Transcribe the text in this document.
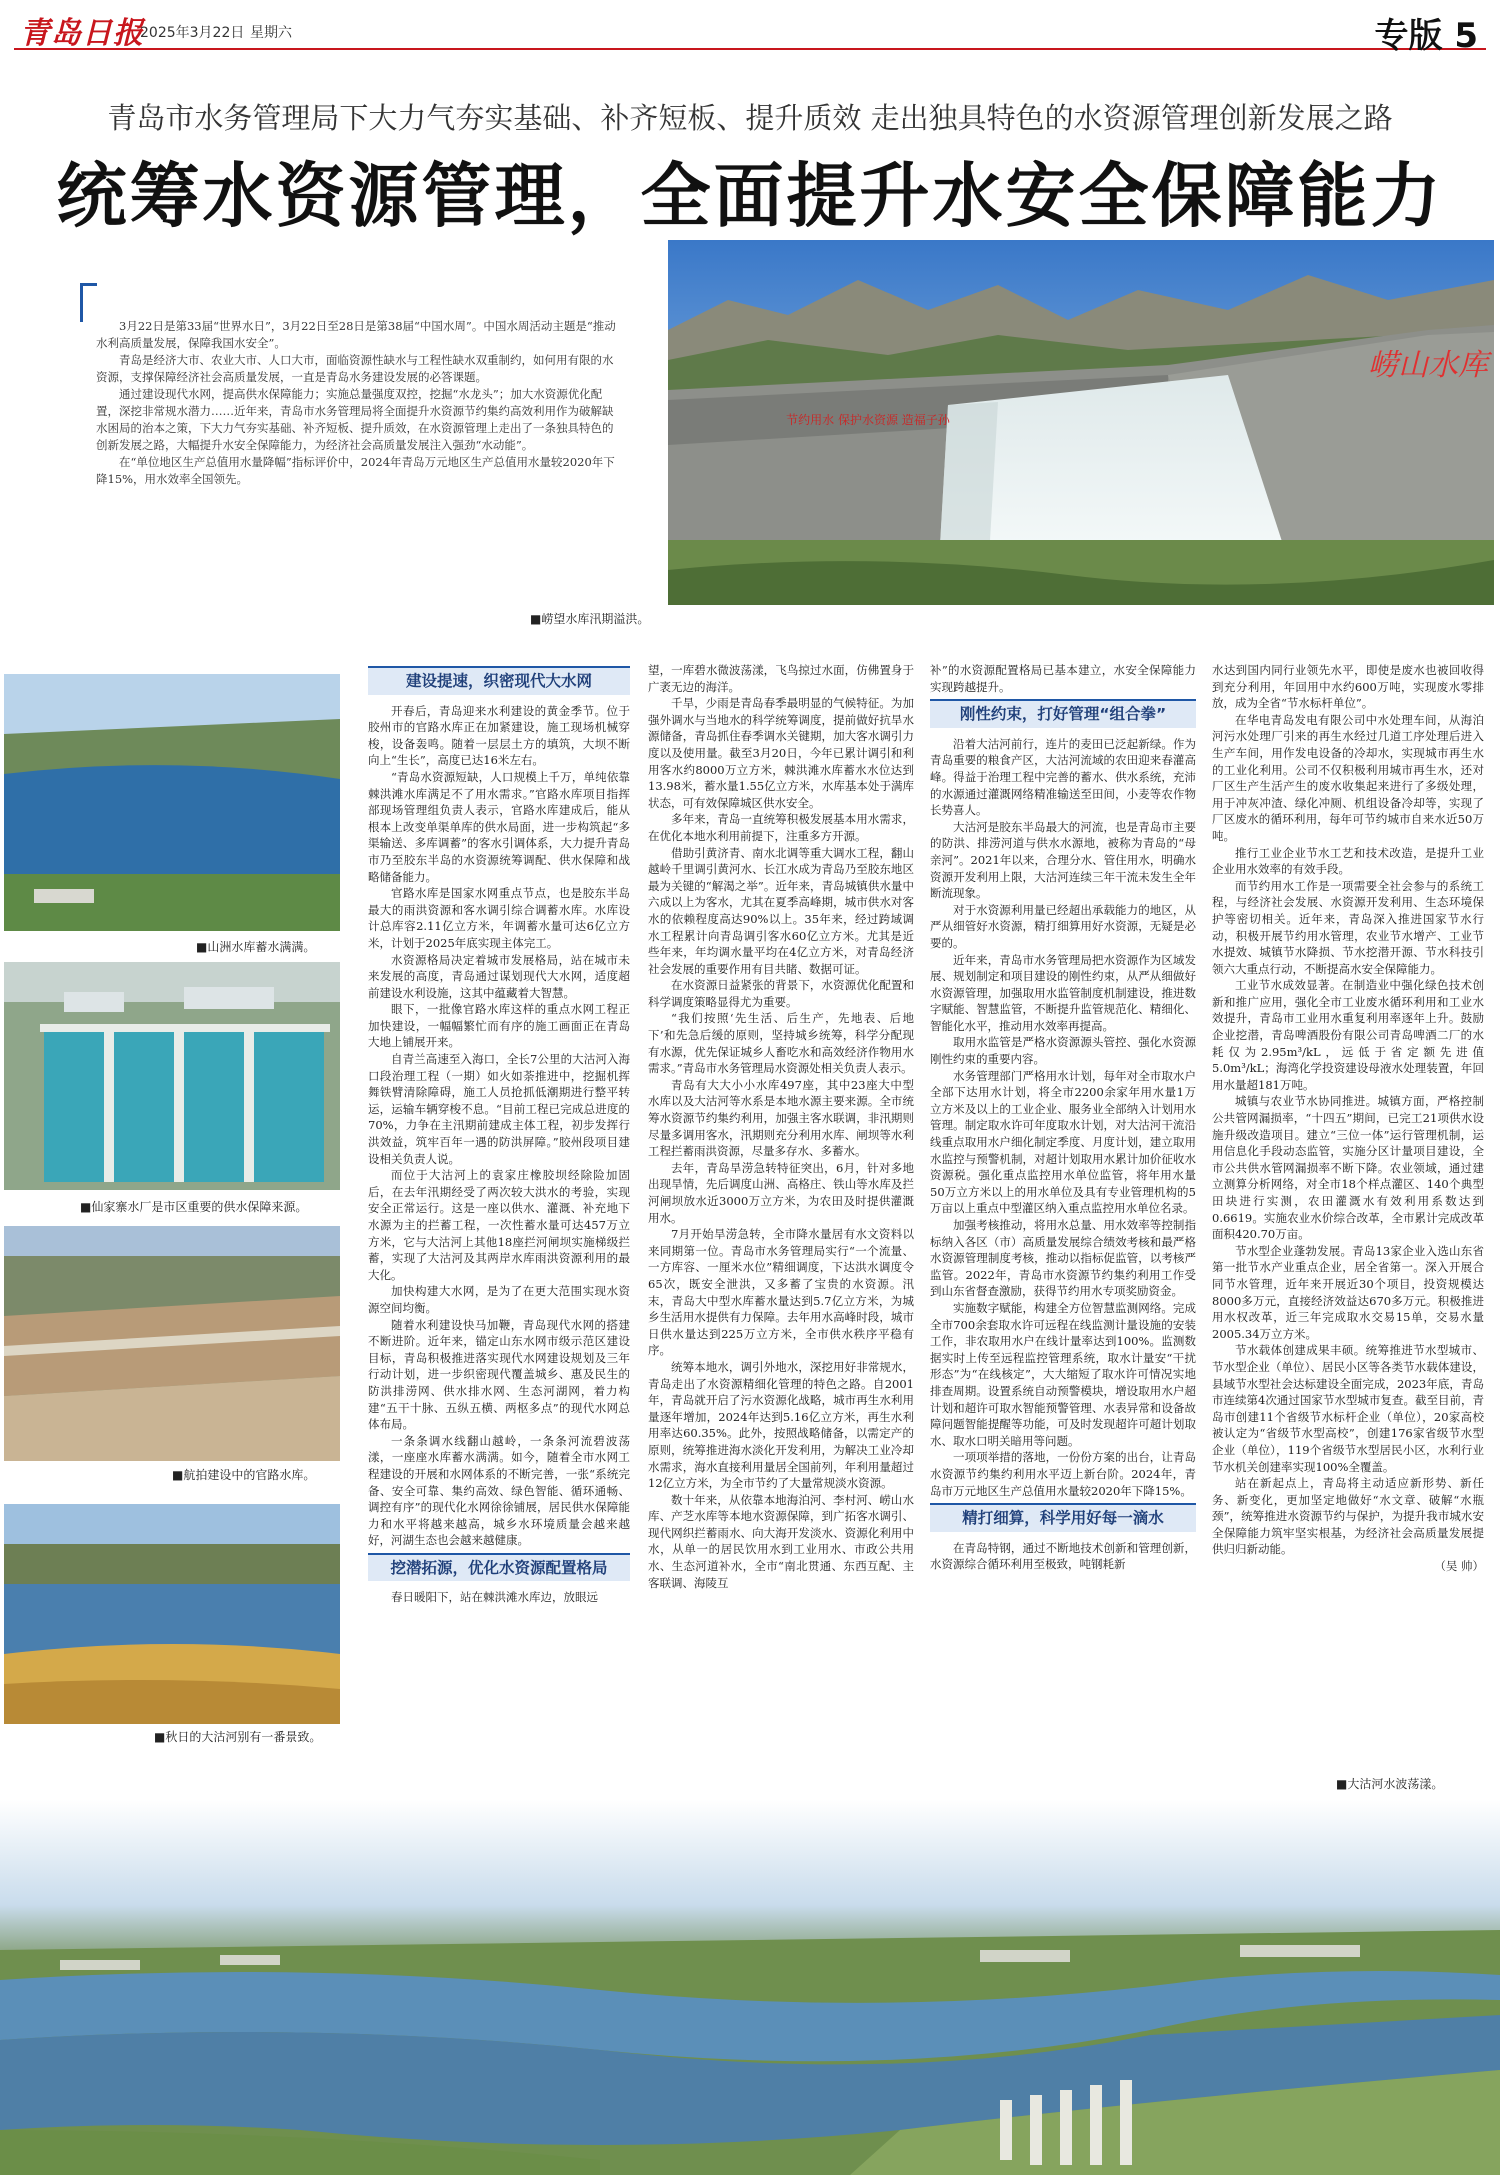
青岛日报
2025年3月22日 星期六	专版 5
青岛市水务管理局下大力气夯实基础、补齐短板、提升质效 走出独具特色的水资源管理创新发展之路
统筹水资源管理，全面提升水安全保障能力

3月22日是第33届“世界水日”，3月22日至28日是第38届“中国水周”。中国水周活动主题是“推动水利高质量发展，保障我国水安全”。

青岛是经济大市、农业大市、人口大市，面临资源性缺水与工程性缺水双重制约，如何用有限的水资源，支撑保障经济社会高质量发展，一直是青岛水务建设发展的必答课题。

通过建设现代水网，提高供水保障能力；实施总量强度双控，挖掘“水龙头”；加大水资源优化配置，深挖非常规水潜力……近年来，青岛市水务管理局将全面提升水资源节约集约高效利用作为破解缺水困局的治本之策，下大力气夯实基础、补齐短板、提升质效，在水资源管理上走出了一条独具特色的创新发展之路，大幅提升水安全保障能力，为经济社会高质量发展注入强劲“水动能”。

在“单位地区生产总值用水量降幅”指标评价中，2024年青岛万元地区生产总值用水量较2020年下降15%，用水效率全国领先。

节约用水 保护水资源 造福子孙
崂山水库
■崂望水库汛期溢洪。
■山洲水库蓄水满满。
■仙家寨水厂是市区重要的供水保障来源。
■航拍建设中的官路水库。
■秋日的大沽河别有一番景致。
■大沽河水波荡漾。
建设提速，织密现代大水网

开春后，青岛迎来水利建设的黄金季节。位于胶州市的官路水库正在加紧建设，施工现场机械穿梭，设备轰鸣。随着一层层土方的填筑，大坝不断向上“生长”，高度已达16米左右。

“青岛水资源短缺，人口规模上千万，单纯依靠棘洪滩水库满足不了用水需求。”官路水库项目指挥部现场管理组负责人表示，官路水库建成后，能从根本上改变单渠单库的供水局面，进一步构筑起“多渠输送、多库调蓄”的客水引调体系，大力提升青岛市乃至胶东半岛的水资源统筹调配、供水保障和战略储备能力。

官路水库是国家水网重点节点，也是胶东半岛最大的雨洪资源和客水调引综合调蓄水库。水库设计总库容2.11亿立方米，年调蓄水量可达6亿立方米，计划于2025年底实现主体完工。

水资源格局决定着城市发展格局，站在城市未来发展的高度，青岛通过谋划现代大水网，适度超前建设水利设施，这其中蕴藏着大智慧。

眼下，一批像官路水库这样的重点水网工程正加快建设，一幅幅繁忙而有序的施工画面正在青岛大地上铺展开来。

自青兰高速至入海口，全长7公里的大沽河入海口段治理工程（一期）如火如荼推进中，挖掘机挥舞铁臂清除障碍，施工人员抢抓低潮期进行整平转运，运输车辆穿梭不息。“目前工程已完成总进度的70%，力争在主汛期前建成主体工程，初步发挥行洪效益，筑牢百年一遇的防洪屏障。”胶州段项目建设相关负责人说。

而位于大沽河上的袁家庄橡胶坝经除险加固后，在去年汛期经受了两次较大洪水的考验，实现安全正常运行。这是一座以供水、灌溉、补充地下水源为主的拦蓄工程，一次性蓄水量可达457万立方米，它与大沽河上其他18座拦河闸坝实施梯级拦蓄，实现了大沽河及其两岸水库雨洪资源利用的最大化。

加快构建大水网，是为了在更大范围实现水资源空间均衡。

随着水利建设快马加鞭，青岛现代水网的搭建不断进阶。近年来，锚定山东水网市级示范区建设目标，青岛积极推进落实现代水网建设规划及三年行动计划，进一步织密现代覆盖城乡、惠及民生的防洪排涝网、供水排水网、生态河湖网，着力构建“五干十脉、五纵五横、两枢多点”的现代水网总体布局。

一条条调水线翻山越岭，一条条河流碧波荡漾，一座座水库蓄水满满。如今，随着全市水网工程建设的开展和水网体系的不断完善，一张“系统完备、安全可靠、集约高效、绿色智能、循环通畅、调控有序”的现代化水网徐徐铺展，居民供水保障能力和水平将越来越高，城乡水环境质量会越来越好，河湖生态也会越来越健康。

挖潜拓源，优化水资源配置格局

春日暖阳下，站在棘洪滩水库边，放眼远

望，一库碧水微波荡漾，飞鸟掠过水面，仿佛置身于广袤无边的海洋。

千旱，少雨是青岛春季最明显的气候特征。为加强外调水与当地水的科学统筹调度，提前做好抗旱水源储备，青岛抓住春季调水关键期，加大客水调引力度以及使用量。截至3月20日，今年已累计调引和利用客水约8000万立方米，棘洪滩水库蓄水水位达到13.98米，蓄水量1.55亿立方米，水库基本处于满库状态，可有效保障城区供水安全。

多年来，青岛一直统筹积极发展基本用水需求，在优化本地水利用前提下，注重多方开源。

借助引黄济青、南水北调等重大调水工程，翻山越岭千里调引黄河水、长江水成为青岛乃至胶东地区最为关键的“解渴之举”。近年来，青岛城镇供水量中六成以上为客水，尤其在夏季高峰期，城市供水对客水的依赖程度高达90%以上。35年来，经过跨域调水工程累计向青岛调引客水60亿立方米。尤其是近些年来，年均调水量平均在4亿立方米，对青岛经济社会发展的重要作用有目共睹、数据可证。

在水资源日益紧张的背景下，水资源优化配置和科学调度策略显得尤为重要。

“我们按照‘先生活、后生产，先地表、后地下’和先急后缓的原则，坚持城乡统筹，科学分配现有水源，优先保证城乡人畜吃水和高效经济作物用水需求。”青岛市水务管理局水资源处相关负责人表示。

青岛有大大小小水库497座，其中23座大中型水库以及大沽河等水系是本地水源主要来源。全市统筹水资源节约集约利用，加强主客水联调，非汛期则尽量多调用客水，汛期则充分利用水库、闸坝等水利工程拦蓄雨洪资源，尽量多存水、多蓄水。

去年，青岛旱涝急转特征突出，6月，针对多地出现旱情，先后调度山洲、高格庄、铁山等水库及拦河闸坝放水近3000万立方米，为农田及时提供灌溉用水。

7月开始旱涝急转，全市降水量居有水文资料以来同期第一位。青岛市水务管理局实行“一个流量、一方库容、一厘米水位”精细调度，下达洪水调度令65次，既安全泄洪，又多蓄了宝贵的水资源。汛末，青岛大中型水库蓄水量达到5.7亿立方米，为城乡生活用水提供有力保障。去年用水高峰时段，城市日供水量达到225万立方米，全市供水秩序平稳有序。

统筹本地水，调引外地水，深挖用好非常规水，青岛走出了水资源精细化管理的特色之路。自2001年，青岛就开启了污水资源化战略，城市再生水利用量逐年增加，2024年达到5.16亿立方米，再生水利用率达60.35%。此外，按照战略储备，以需定产的原则，统筹推进海水淡化开发利用，为解决工业冷却水需求，海水直接利用量居全国前列，年利用量超过12亿立方米，为全市节约了大量常规淡水资源。

数十年来，从依靠本地海泊河、李村河、崂山水库、产芝水库等本地水资源保障，到广拓客水调引、现代网织拦蓄雨水、向大海开发淡水、资源化利用中水，从单一的居民饮用水到工业用水、市政公共用水、生态河道补水，全市“南北贯通、东西互配、主客联调、海陵互

补”的水资源配置格局已基本建立，水安全保障能力实现跨越提升。

刚性约束，打好管理“组合拳”

沿着大沽河前行，连片的麦田已泛起新绿。作为青岛重要的粮食产区，大沽河流域的农田迎来春灌高峰。得益于治理工程中完善的蓄水、供水系统，充沛的水源通过灌溉网络精准输送至田间，小麦等农作物长势喜人。

大沽河是胶东半岛最大的河流，也是青岛市主要的防洪、排涝河道与供水水源地，被称为青岛的“母亲河”。2021年以来，合理分水、管住用水，明确水资源开发利用上限，大沽河连续三年干流未发生全年断流现象。

对于水资源利用量已经超出承载能力的地区，从严从细管好水资源，精打细算用好水资源，无疑是必要的。

近年来，青岛市水务管理局把水资源作为区域发展、规划制定和项目建设的刚性约束，从严从细做好水资源管理，加强取用水监管制度机制建设，推进数字赋能、智慧监管，不断提升监管规范化、精细化、智能化水平，推动用水效率再提高。

取用水监管是严格水资源源头管控、强化水资源刚性约束的重要内容。

水务管理部门严格用水计划，每年对全市取水户全部下达用水计划，将全市2200余家年用水量1万立方米及以上的工业企业、服务业全部纳入计划用水管理。制定取水许可年度取水计划，对大沽河干流沿线重点取用水户细化制定季度、月度计划，建立取用水监控与预警机制，对超计划取用水累计加价征收水资源税。强化重点监控用水单位监管，将年用水量50万立方米以上的用水单位及具有专业管理机构的5万亩以上重点中型灌区纳入重点监控用水单位名录。

加强考核推动，将用水总量、用水效率等控制指标纳入各区（市）高质量发展综合绩效考核和最严格水资源管理制度考核，推动以指标促监管，以考核严监管。2022年，青岛市水资源节约集约利用工作受到山东省督查激励，获得节约用水专项奖励资金。

实施数字赋能，构建全方位智慧监测网络。完成全市700余套取水许可远程在线监测计量设施的安装工作，非农取用水户在线计量率达到100%。监测数据实时上传至远程监控管理系统，取水计量安“干扰形态”为“在线核定”，大大缩短了取水许可情况实地排查周期。设置系统自动预警模块，增设取用水户超计划和超许可取水智能预警管理、水表异常和设备故障问题智能提醒等功能，可及时发现超许可超计划取水、取水口明关暗用等问题。

一项项举措的落地，一份份方案的出台，让青岛水资源节约集约利用水平迈上新台阶。2024年，青岛市万元地区生产总值用水量较2020年下降15%。

精打细算，科学用好每一滴水

在青岛特钢，通过不断地技术创新和管理创新，水资源综合循环利用至极致，吨钢耗新

水达到国内同行业领先水平，即使是废水也被回收得到充分利用，年回用中水约600万吨，实现废水零排放，成为全省“节水标杆单位”。

在华电青岛发电有限公司中水处理车间，从海泊河污水处理厂引来的再生水经过几道工序处理后进入生产车间，用作发电设备的冷却水，实现城市再生水的工业化利用。公司不仅积极利用城市再生水，还对厂区生产生活产生的废水收集起来进行了多级处理，用于冲灰冲渣、绿化冲厕、机组设备冷却等，实现了厂区废水的循环利用，每年可节约城市自来水近50万吨。

推行工业企业节水工艺和技术改造，是提升工业企业用水效率的有效手段。

而节约用水工作是一项需要全社会参与的系统工程，与经济社会发展、水资源开发利用、生态环境保护等密切相关。近年来，青岛深入推进国家节水行动，积极开展节约用水管理，农业节水增产、工业节水提效、城镇节水降损、节水挖潜开源、节水科技引领六大重点行动，不断提高水安全保障能力。

工业节水成效显著。在制造业中强化绿色技术创新和推广应用，强化全市工业废水循环利用和工业水效提升，青岛市工业用水重复利用率逐年上升。鼓励企业挖潜，青岛啤酒股份有限公司青岛啤酒二厂的水耗仅为2.95m³/kL，远低于省定额先进值5.0m³/kL；海湾化学投资建设母液水处理装置，年回用水量超181万吨。

城镇与农业节水协同推进。城镇方面，严格控制公共管网漏损率，“十四五”期间，已完工21项供水设施升级改造项目。建立“三位一体”运行管理机制，运用信息化手段动态监管，实施分区计量项目建设，全市公共供水管网漏损率不断下降。农业领域，通过建立测算分析网络，对全市18个样点灌区、140个典型田块进行实测，农田灌溉水有效利用系数达到0.6619。实施农业水价综合改革，全市累计完成改革面积420.70万亩。

节水型企业蓬勃发展。青岛13家企业入选山东省第一批节水产业重点企业，居全省第一。深入开展合同节水管理，近年来开展近30个项目，投资规模达8000多万元，直接经济效益达670多万元。积极推进用水权改革，近三年完成取水交易15单，交易水量2005.34万立方米。

节水载体创建成果丰硕。统筹推进节水型城市、节水型企业（单位）、居民小区等各类节水载体建设，县域节水型社会达标建设全面完成，2023年底，青岛市连续第4次通过国家节水型城市复查。截至目前，青岛市创建11个省级节水标杆企业（单位），20家高校被认定为“省级节水型高校”，创建176家省级节水型企业（单位），119个省级节水型居民小区，水利行业节水机关创建率实现100%全覆盖。

站在新起点上，青岛将主动适应新形势、新任务、新变化，更加坚定地做好“水文章、破解“水瓶颈”，统筹推进水资源节约与保护，为提升我市城水安全保障能力筑牢坚实根基，为经济社会高质量发展提供归归新动能。

（吴 帅）
